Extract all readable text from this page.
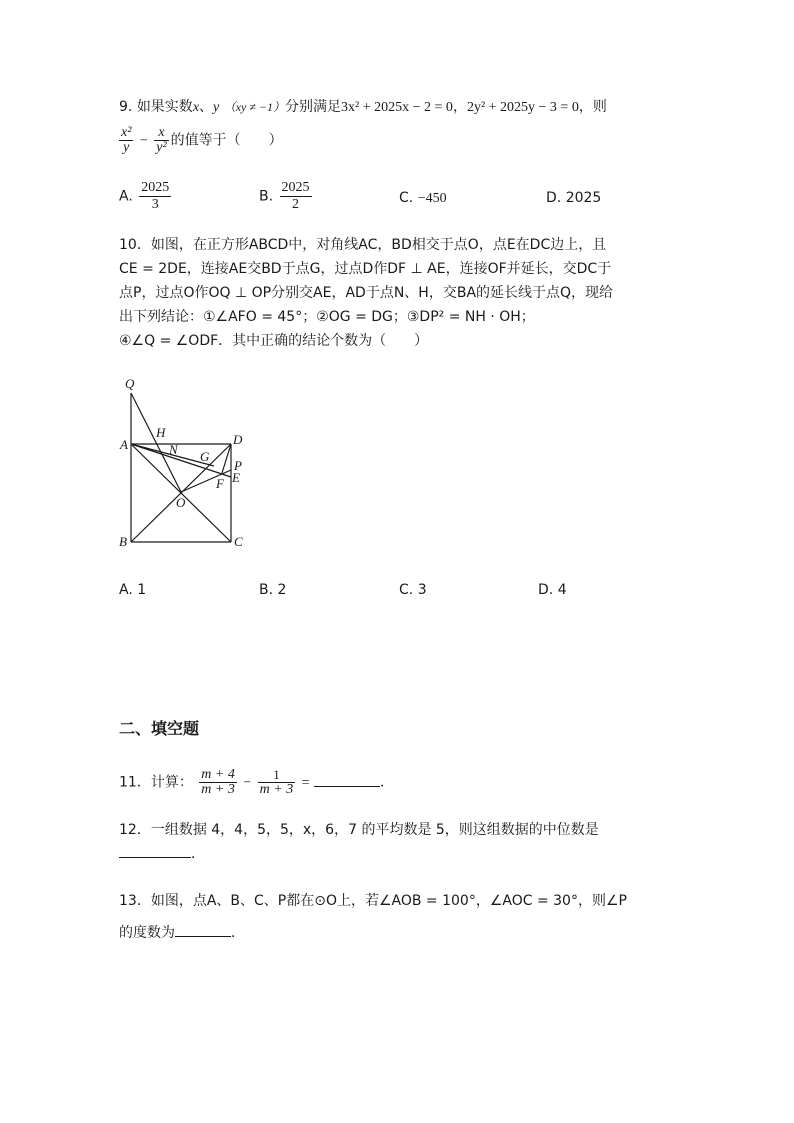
9. 如果实数x、y （xy ≠ −1）分别满足3x² + 2025x − 2 = 0，2y² + 2025y − 3 = 0，则
$\frac{\text{x²}}{y} - \frac{x}{\text{y²}}$ 的值等于（　　）
A. $\frac{2025}{3}$	B. $\frac{2025}{2}$	C. −450	D. 2025
10．如图，在正方形ABCD中，对角线AC，BD相交于点O，点E在DC边上，且
CE = 2DE，连接AE交BD于点G，过点D作DF ⊥ AE，连接OF并延长，交DC于
点P，过点O作OQ ⊥ OP分别交AE，AD于点N、H，交BA的延长线于点Q，现给
出下列结论：①∠AFO = 45°；②OG = DG；③DP² = NH · OH；
④∠Q = ∠ODF．其中正确的结论个数为（　　）
Q
H
A	N
D
G
P
E
F
O
B	C
A. 1	B. 2	C. 3	D. 4
二、填空题
11．计算： $\frac{m + 4}{m + 3} - \frac{1}{m + 3}$ =	．
12．一组数据 4，4，5，5，x，6，7 的平均数是 5，则这组数据的中位数是
．
13．如图，点A、B、C、P都在⊙O上，若∠AOB = 100°，∠AOC = 30°，则∠P
的度数为	．
